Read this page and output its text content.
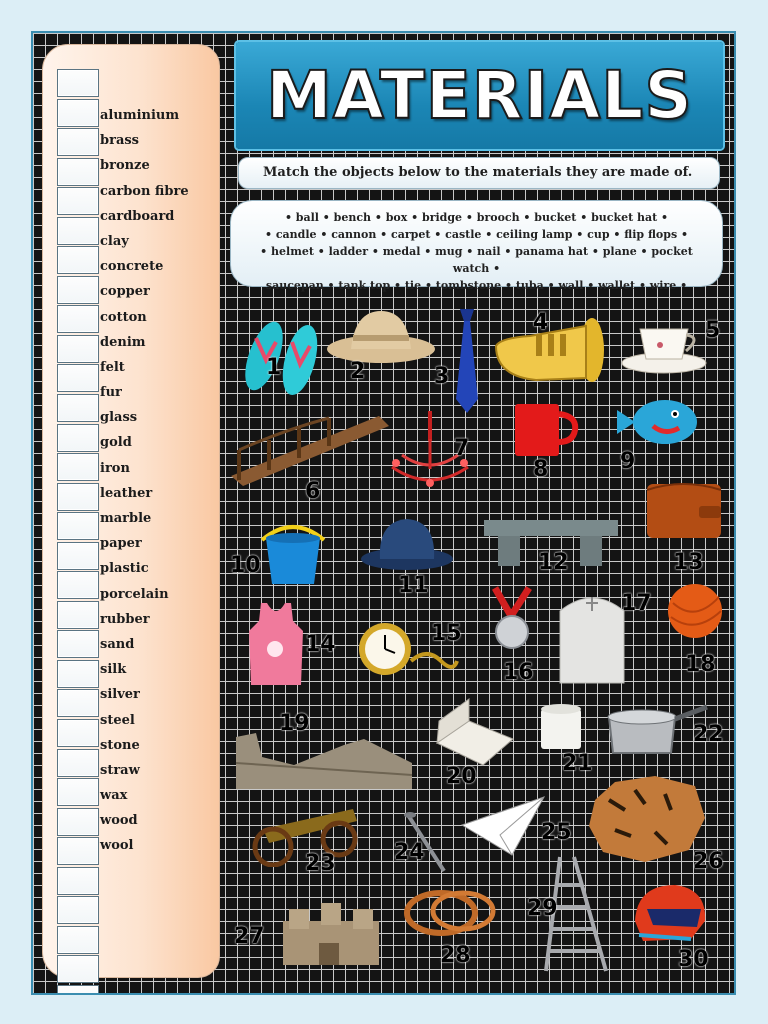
aluminium
brass
bronze
carbon fibre
cardboard
clay
concrete
copper
cotton
denim
felt
fur
glass
gold
iron
leather
marble
paper
plastic
porcelain
rubber
sand
silk
silver
steel
stone
straw
wax
wood
wool
MATERIALS
Match the objects below to the materials they are made of.
• ball • bench • box • bridge • brooch • bucket • bucket hat •
• candle • cannon • carpet • castle • ceiling lamp • cup • flip flops •
• helmet • ladder • medal • mug • nail • panama hat • plane • pocket watch •
saucepan • tank top • tie • tombstone • tuba • wall • wallet • wire •
1	2	3
4	5
6
7
8	9
10
11
12	13
14	15
16
17
18
19
20
21
22
23	24
25
26
27
28
29
30
